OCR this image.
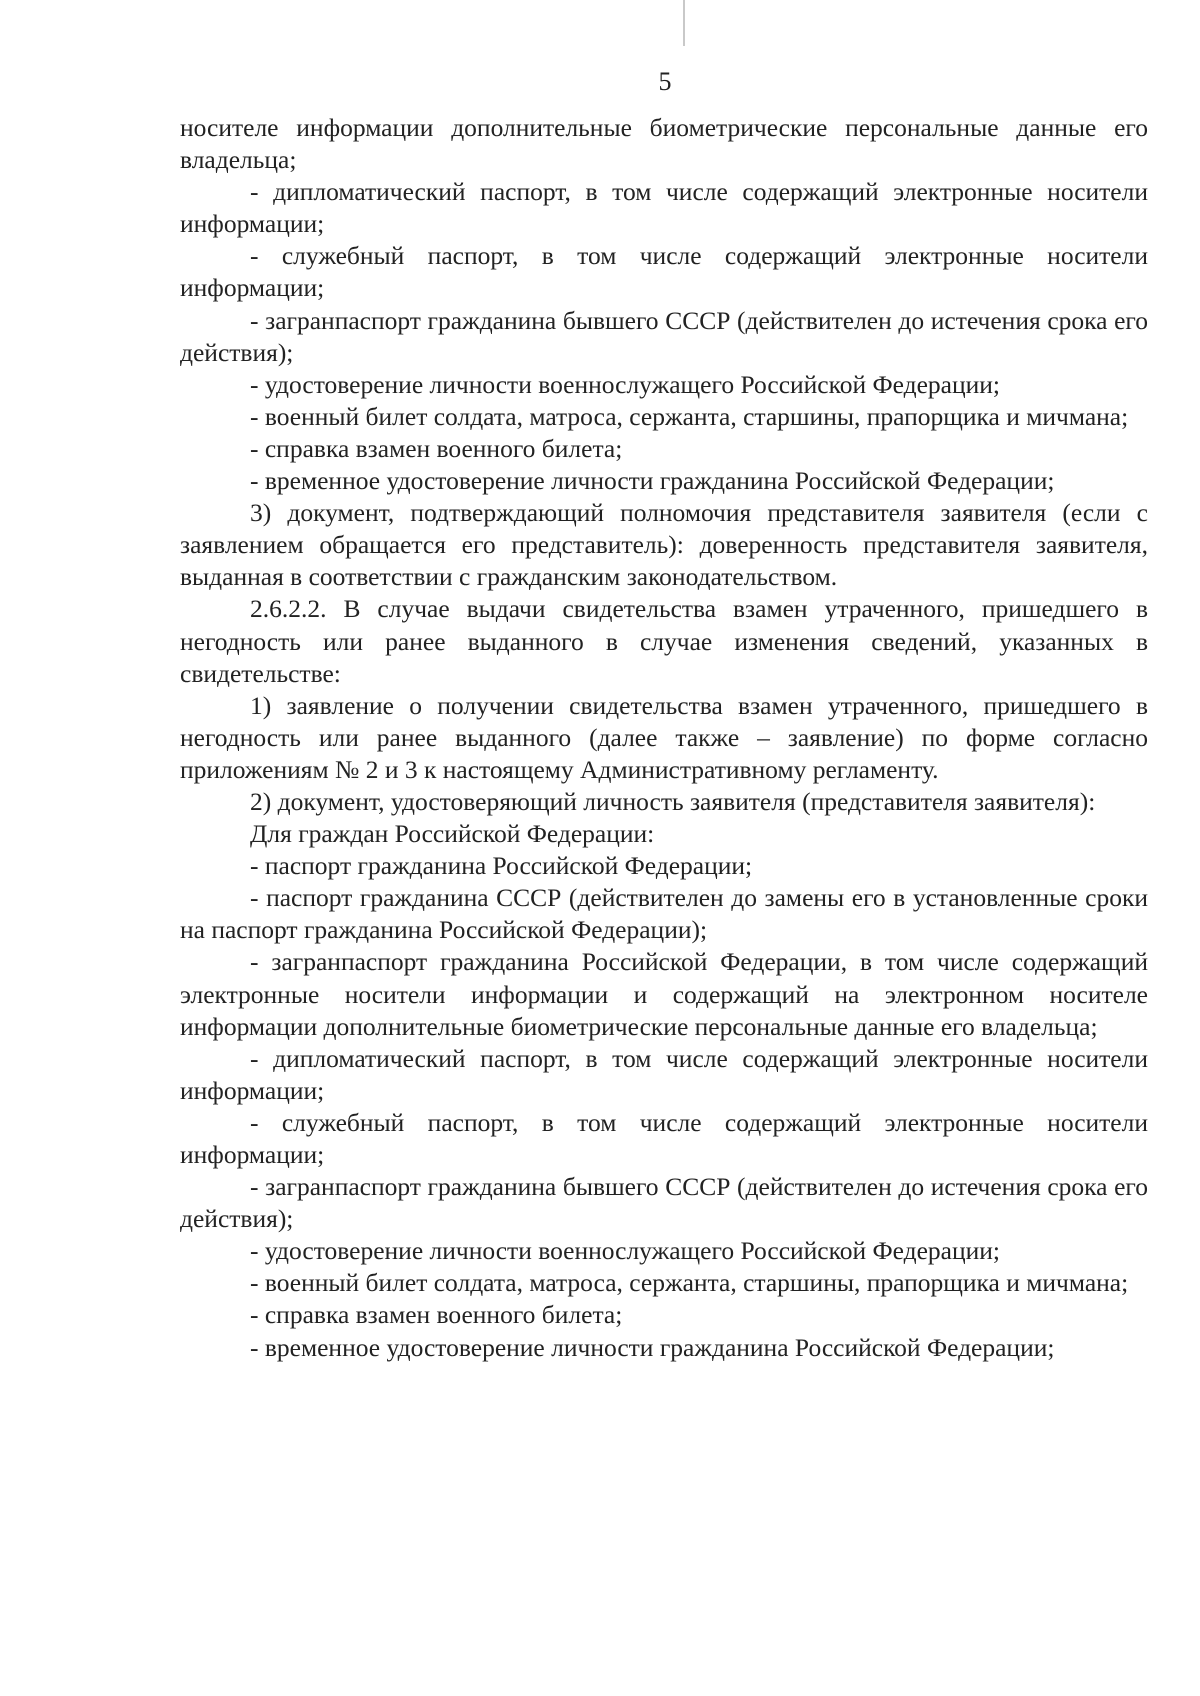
5

носителе информации дополнительные биометрические персональные данные его владельца;

- дипломатический паспорт, в том числе содержащий электронные носители информации;

- служебный паспорт, в том числе содержащий электронные носители информации;

- загранпаспорт гражданина бывшего СССР (действителен до истечения срока его действия);

- удостоверение личности военнослужащего Российской Федерации;

- военный билет солдата, матроса, сержанта, старшины, прапорщика и мичмана;

- справка взамен военного билета;

- временное удостоверение личности гражданина Российской Федерации;

3) документ, подтверждающий полномочия представителя заявителя (если с заявлением обращается его представитель): доверенность представителя заявителя, выданная в соответствии с гражданским законодательством.

2.6.2.2. В случае выдачи свидетельства взамен утраченного, пришедшего в негодность или ранее выданного в случае изменения сведений, указанных в свидетельстве:

1) заявление о получении свидетельства взамен утраченного, пришедшего в негодность или ранее выданного (далее также – заявление) по форме согласно приложениям № 2 и 3 к настоящему Административному регламенту.

2) документ, удостоверяющий личность заявителя (представителя заявителя):

Для граждан Российской Федерации:

- паспорт гражданина Российской Федерации;

- паспорт гражданина СССР (действителен до замены его в установленные сроки на паспорт гражданина Российской Федерации);

- загранпаспорт гражданина Российской Федерации, в том числе содержащий электронные носители информации и содержащий на электронном носителе информации дополнительные биометрические персональные данные его владельца;

- дипломатический паспорт, в том числе содержащий электронные носители информации;

- служебный паспорт, в том числе содержащий электронные носители информации;

- загранпаспорт гражданина бывшего СССР (действителен до истечения срока его действия);

- удостоверение личности военнослужащего Российской Федерации;

- военный билет солдата, матроса, сержанта, старшины, прапорщика и мичмана;

- справка взамен военного билета;

- временное удостоверение личности гражданина Российской Федерации;
